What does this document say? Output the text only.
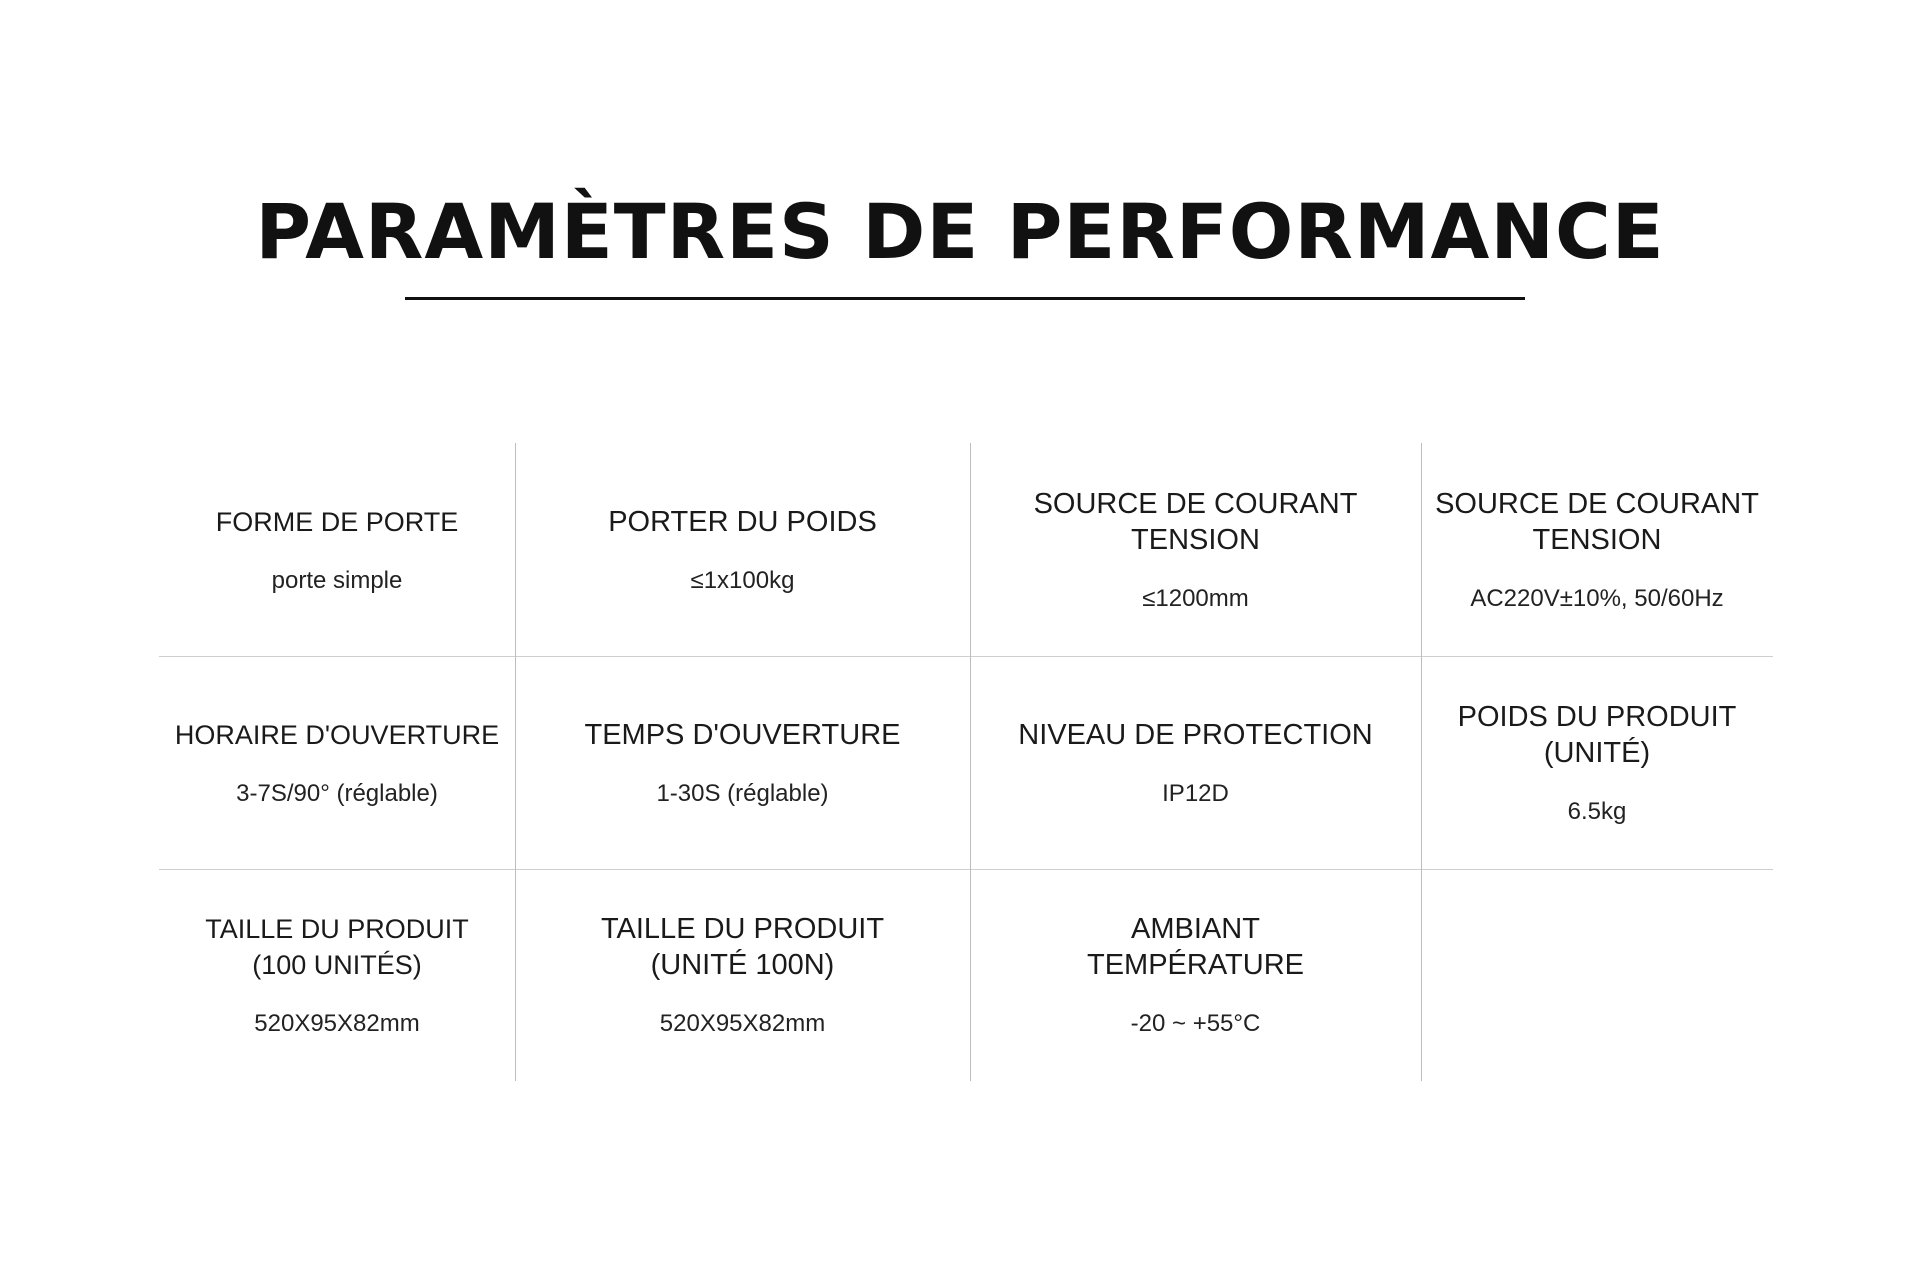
PARAMÈTRES DE PERFORMANCE
FORME DE PORTE
porte simple
PORTER DU POIDS
≤1x100kg
SOURCE DE COURANT
TENSION
≤1200mm
SOURCE DE COURANT
TENSION
AC220V±10%, 50/60Hz
HORAIRE D'OUVERTURE
3-7S/90° (réglable)
TEMPS D'OUVERTURE
1-30S (réglable)
NIVEAU DE PROTECTION
IP12D
POIDS DU PRODUIT
(UNITÉ)
6.5kg
TAILLE DU PRODUIT
(100 UNITÉS)
520X95X82mm
TAILLE DU PRODUIT
(UNITÉ 100N)
520X95X82mm
AMBIANT
TEMPÉRATURE
-20 ~ +55°C
